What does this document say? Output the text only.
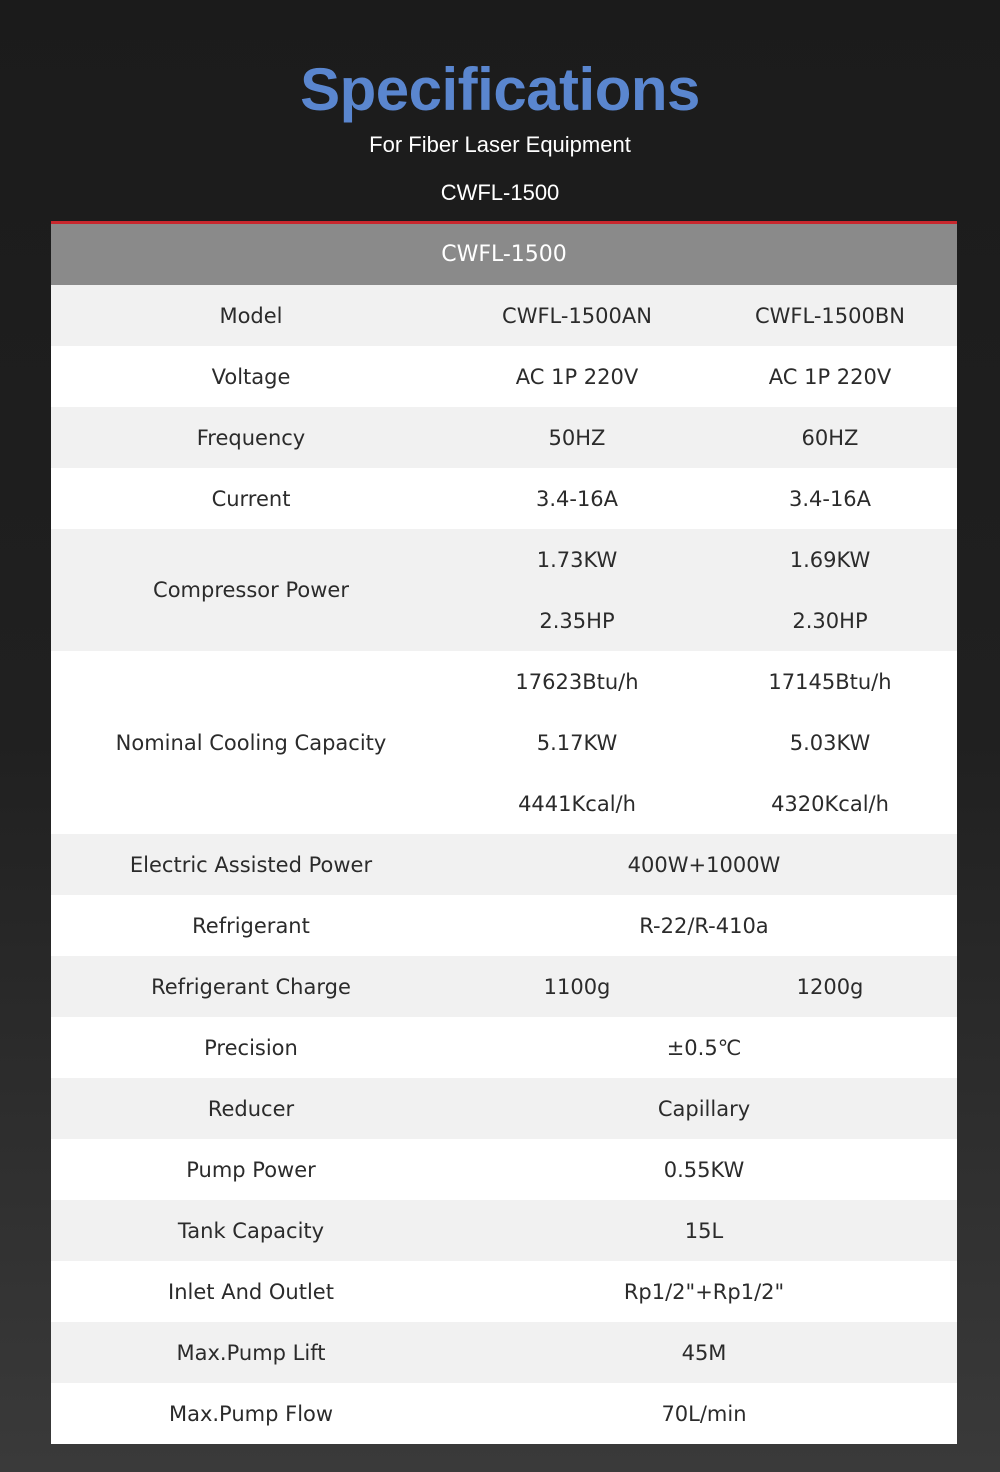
Specifications
For Fiber Laser Equipment
CWFL-1500
CWFL-1500
Model	CWFL-1500AN	CWFL-1500BN
Voltage	AC 1P 220V	AC 1P 220V
Frequency	50HZ	60HZ
Current	3.4-16A	3.4-16A
Compressor Power	1.73KW	1.69KW
	2.35HP	2.30HP
Nominal Cooling Capacity	17623Btu/h	17145Btu/h
	5.17KW	5.03KW
	4441Kcal/h	4320Kcal/h
Electric Assisted Power	400W+1000W	
Refrigerant	R-22/R-410a	
Refrigerant Charge	1100g	1200g
Precision	±0.5℃	
Reducer	Capillary	
Pump Power	0.55KW	
Tank Capacity	15L	
Inlet And Outlet	Rp1/2"+Rp1/2"	
Max.Pump Lift	45M	
Max.Pump Flow	70L/min	
